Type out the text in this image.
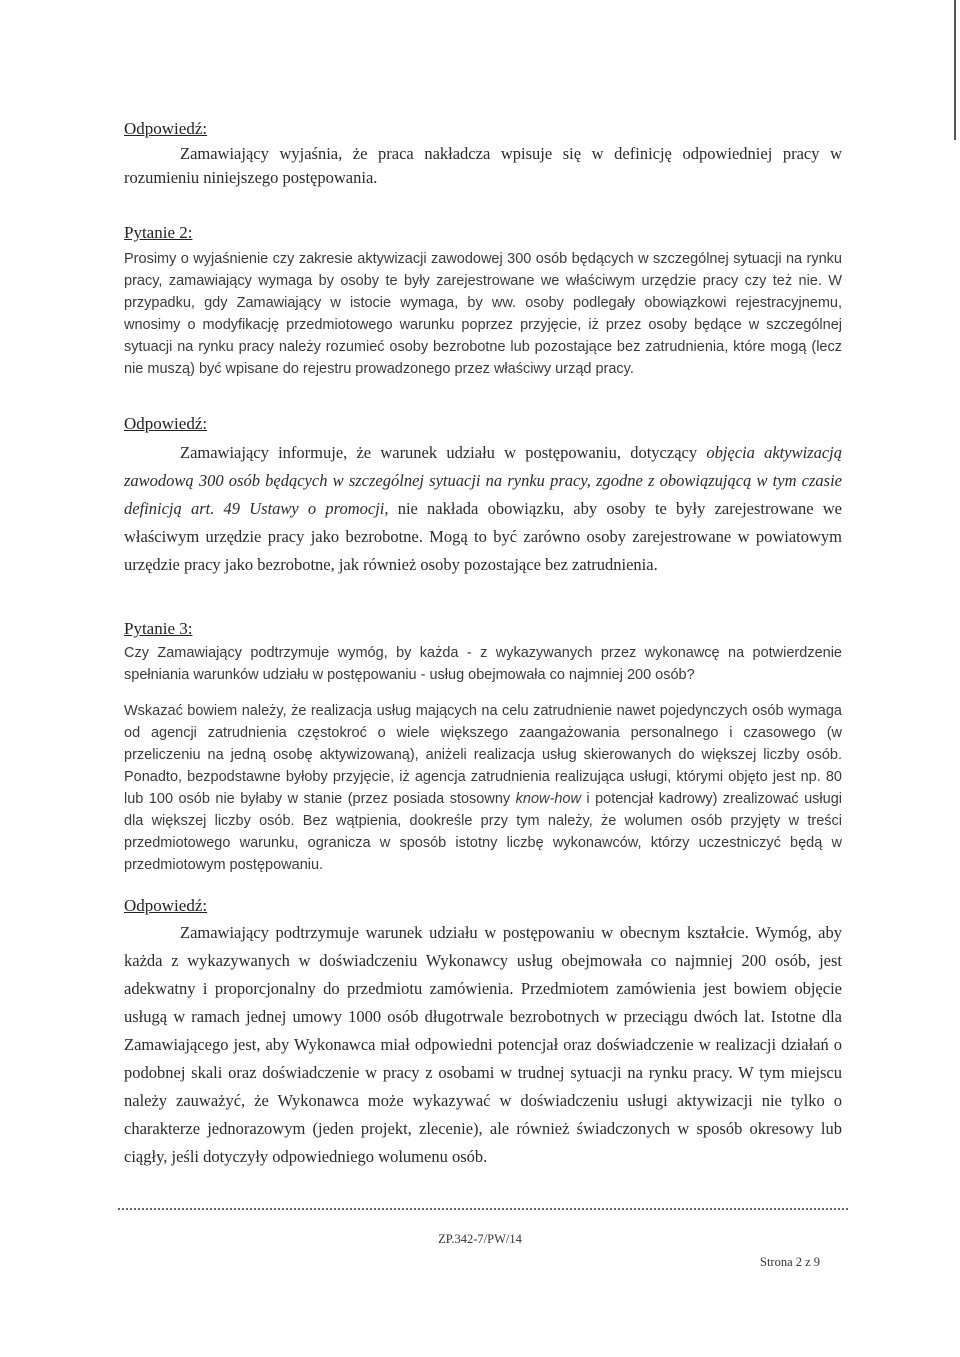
Odpowiedź:

Zamawiający wyjaśnia, że praca nakładcza wpisuje się w definicję odpowiedniej pracy w rozumieniu niniejszego postępowania.

Pytanie 2:

Prosimy o wyjaśnienie czy zakresie aktywizacji zawodowej 300 osób będących w szczególnej sytuacji na rynku pracy, zamawiający wymaga by osoby te były zarejestrowane we właściwym urzędzie pracy czy też nie. W przypadku, gdy Zamawiający w istocie wymaga, by ww. osoby podlegały obowiązkowi rejestracyjnemu, wnosimy o modyfikację przedmiotowego warunku poprzez przyjęcie, iż przez osoby będące w szczególnej sytuacji na rynku pracy należy rozumieć osoby bezrobotne lub pozostające bez zatrudnienia, które mogą (lecz nie muszą) być wpisane do rejestru prowadzonego przez właściwy urząd pracy.

Odpowiedź:

Zamawiający informuje, że warunek udziału w postępowaniu, dotyczący objęcia aktywizacją zawodową 300 osób będących w szczególnej sytuacji na rynku pracy, zgodne z obowiązującą w tym czasie definicją art. 49 Ustawy o promocji, nie nakłada obowiązku, aby osoby te były zarejestrowane we właściwym urzędzie pracy jako bezrobotne. Mogą to być zarówno osoby zarejestrowane w powiatowym urzędzie pracy jako bezrobotne, jak również osoby pozostające bez zatrudnienia.

Pytanie 3:

Czy Zamawiający podtrzymuje wymóg, by każda - z wykazywanych przez wykonawcę na potwierdzenie spełniania warunków udziału w postępowaniu - usług obejmowała co najmniej 200 osób?

Wskazać bowiem należy, że realizacja usług mających na celu zatrudnienie nawet pojedynczych osób wymaga od agencji zatrudnienia częstokroć o wiele większego zaangażowania personalnego i czasowego (w przeliczeniu na jedną osobę aktywizowaną), aniżeli realizacja usług skierowanych do większej liczby osób. Ponadto, bezpodstawne byłoby przyjęcie, iż agencja zatrudnienia realizująca usługi, którymi objęto jest np. 80 lub 100 osób nie byłaby w stanie (przez posiada stosowny know-how i potencjał kadrowy) zrealizować usługi dla większej liczby osób. Bez wątpienia, dookreśle przy tym należy, że wolumen osób przyjęty w treści przedmiotowego warunku, ogranicza w sposób istotny liczbę wykonawców, którzy uczestniczyć będą w przedmiotowym postępowaniu.

Odpowiedź:

Zamawiający podtrzymuje warunek udziału w postępowaniu w obecnym kształcie. Wymóg, aby każda z wykazywanych w doświadczeniu Wykonawcy usług obejmowała co najmniej 200 osób, jest adekwatny i proporcjonalny do przedmiotu zamówienia. Przedmiotem zamówienia jest bowiem objęcie usługą w ramach jednej umowy 1000 osób długotrwale bezrobotnych w przeciągu dwóch lat. Istotne dla Zamawiającego jest, aby Wykonawca miał odpowiedni potencjał oraz doświadczenie w realizacji działań o podobnej skali oraz doświadczenie w pracy z osobami w trudnej sytuacji na rynku pracy. W tym miejscu należy zauważyć, że Wykonawca może wykazywać w doświadczeniu usługi aktywizacji nie tylko o charakterze jednorazowym (jeden projekt, zlecenie), ale również świadczonych w sposób okresowy lub ciągły, jeśli dotyczyły odpowiedniego wolumenu osób.

ZP.342-7/PW/14
Strona 2 z 9
